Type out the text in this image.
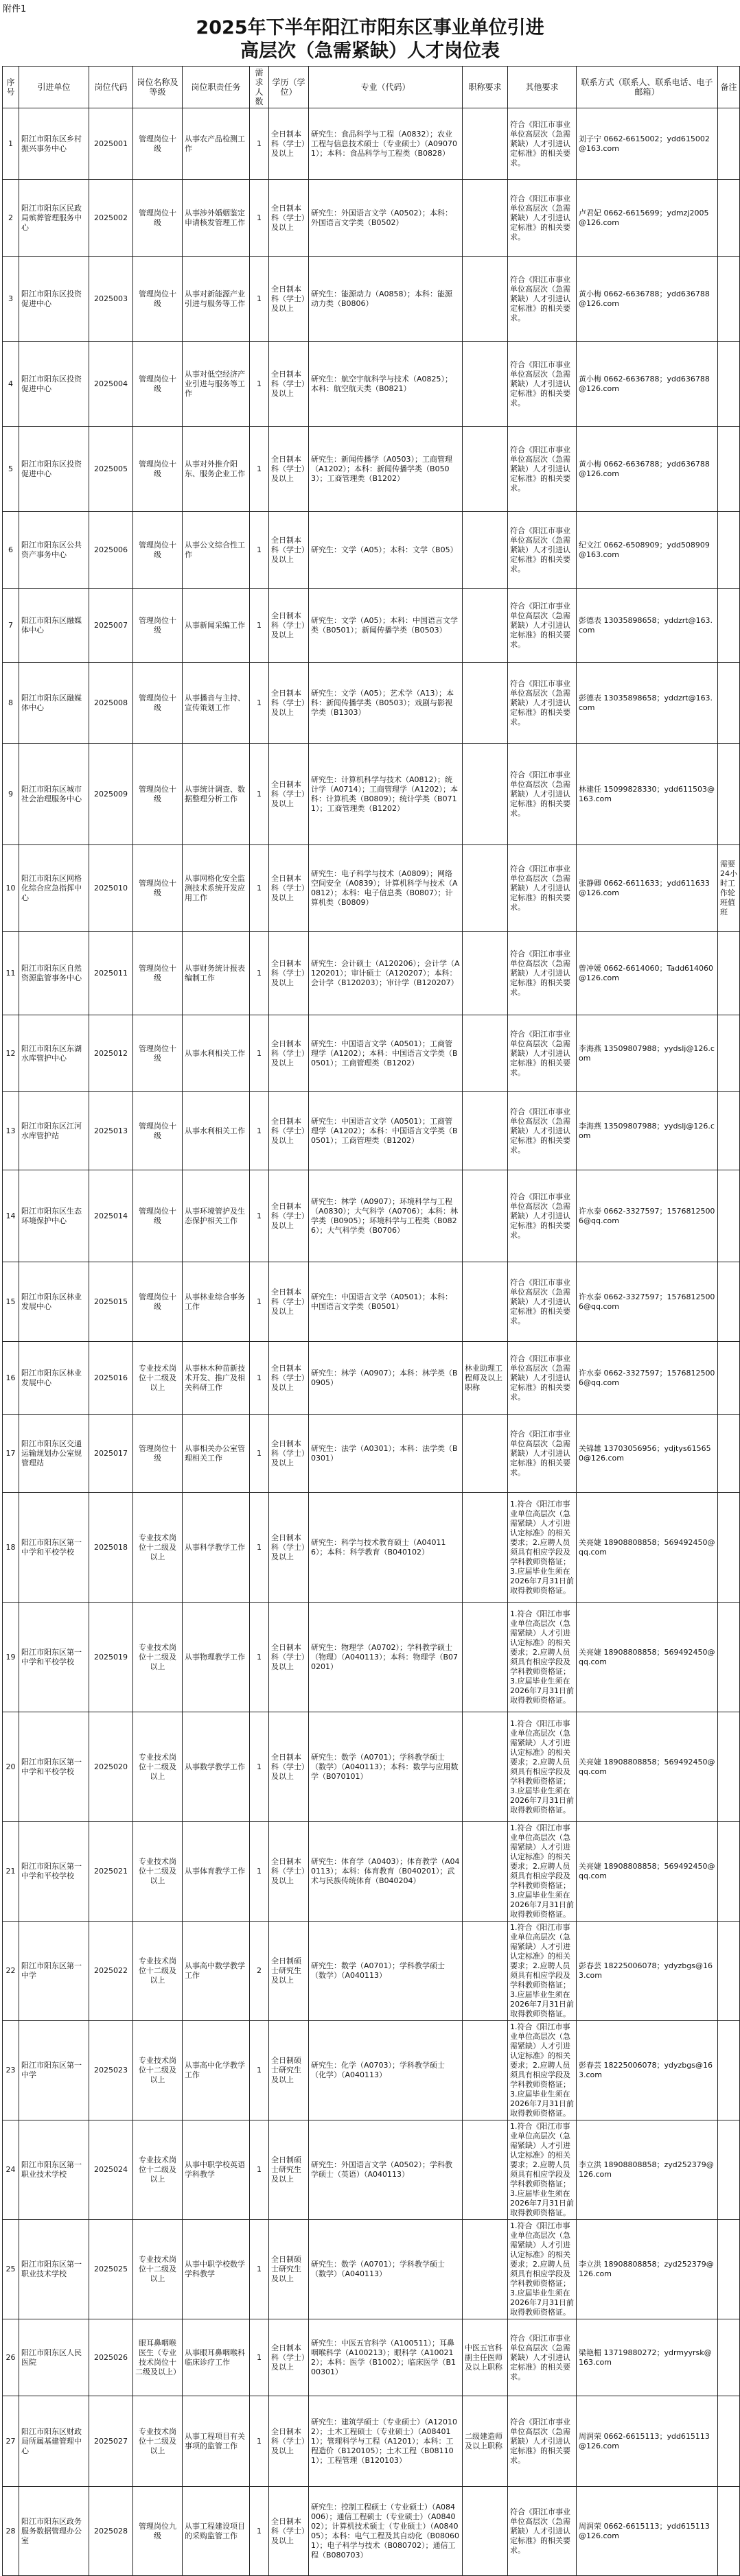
附件1
2025年下半年阳江市阳东区事业单位引进
高层次（急需紧缺）人才岗位表
序号	引进单位	岗位代码	岗位名称及等级	岗位职责任务	需求人数	学历（学位）	专业（代码）	职称要求	其他要求	联系方式（联系人、联系电话、电子邮箱）	备注
1	阳江市阳东区乡村振兴事务中心	2025001	管理岗位十级	从事农产品检测工作	1	全日制本科（学士）及以上	研究生：食品科学与工程（A0832）；农业工程与信息技术硕士（专业硕士）（A090701）；本科：食品科学与工程类（B0828）		符合《阳江市事业单位高层次（急需紧缺）人才引进认定标准》的相关要求。	刘子宁 0662-6615002；ydd615002@163.com	
2	阳江市阳东区民政局殡葬管理服务中心	2025002	管理岗位十级	从事涉外婚姻鉴定申请核发管理工作	1	全日制本科（学士）及以上	研究生：外国语言文学（A0502）；本科：外国语言文学类（B0502）		符合《阳江市事业单位高层次（急需紧缺）人才引进认定标准》的相关要求。	卢君妃 0662-6615699；ydmzj2005@126.com	
3	阳江市阳东区投资促进中心	2025003	管理岗位十级	从事对新能源产业引进与服务等工作	1	全日制本科（学士）及以上	研究生：能源动力（A0858）；本科：能源动力类（B0806）		符合《阳江市事业单位高层次（急需紧缺）人才引进认定标准》的相关要求。	黄小梅 0662-6636788；ydd636788@126.com	
4	阳江市阳东区投资促进中心	2025004	管理岗位十级	从事对低空经济产业引进与服务等工作	1	全日制本科（学士）及以上	研究生：航空宇航科学与技术（A0825）；本科：航空航天类（B0821）		符合《阳江市事业单位高层次（急需紧缺）人才引进认定标准》的相关要求。	黄小梅 0662-6636788；ydd636788@126.com	
5	阳江市阳东区投资促进中心	2025005	管理岗位十级	从事对外推介阳东、服务企业工作	1	全日制本科（学士）及以上	研究生：新闻传播学（A0503）；工商管理（A1202）；本科：新闻传播学类（B0503）；工商管理类（B1202）		符合《阳江市事业单位高层次（急需紧缺）人才引进认定标准》的相关要求。	黄小梅 0662-6636788；ydd636788@126.com	
6	阳江市阳东区公共资产事务中心	2025006	管理岗位十级	从事公文综合性工作	1	全日制本科（学士）及以上	研究生：文学（A05）；本科：文学（B05）		符合《阳江市事业单位高层次（急需紧缺）人才引进认定标准》的相关要求。	纪文江 0662-6508909；ydd508909@163.com	
7	阳江市阳东区融媒体中心	2025007	管理岗位十级	从事新闻采编工作	1	全日制本科（学士）及以上	研究生：文学（A05）；本科：中国语言文学类（B0501）；新闻传播学类（B0503）		符合《阳江市事业单位高层次（急需紧缺）人才引进认定标准》的相关要求。	彭德表 13035898658；yddzrt@163.com	
8	阳江市阳东区融媒体中心	2025008	管理岗位十级	从事播音与主持、宣传策划工作	1	全日制本科（学士）及以上	研究生：文学（A05）；艺术学（A13）；本科：新闻传播学类（B0503）；戏剧与影视学类（B1303）		符合《阳江市事业单位高层次（急需紧缺）人才引进认定标准》的相关要求。	彭德表 13035898658；yddzrt@163.com	
9	阳江市阳东区城市社会治理服务中心	2025009	管理岗位十级	从事统计调查、数据整理分析工作	1	全日制本科（学士）及以上	研究生：计算机科学与技术（A0812）；统计学（A0714）；工商管理学（A1202）；本科：计算机类（B0809）；统计学类（B0711）；工商管理类（B1202）		符合《阳江市事业单位高层次（急需紧缺）人才引进认定标准》的相关要求。	林建任 15099828330；ydd611503@163.com	
10	阳江市阳东区网格化综合应急指挥中心	2025010	管理岗位十级	从事网格化安全监测技术系统开发应用工作	1	全日制本科（学士）及以上	研究生：电子科学与技术（A0809）；网络空间安全（A0839）；计算机科学与技术（A0812）；本科：电子信息类（B0807）；计算机类（B0809）		符合《阳江市事业单位高层次（急需紧缺）人才引进认定标准》的相关要求。	张静卿 0662-6611633；ydd611633@126.com	需要24小时工作轮班值班
11	阳江市阳东区自然资源监管事务中心	2025011	管理岗位十级	从事财务统计报表编制工作	1	全日制本科（学士）及以上	研究生：会计硕士（A120206）；会计学（A120201）；审计硕士（A120207）；本科：会计学（B120203）；审计学（B120207）		符合《阳江市事业单位高层次（急需紧缺）人才引进认定标准》的相关要求。	曾冲媛 0662-6614060；Tadd614060@126.com	
12	阳江市阳东区东湖水库管护中心	2025012	管理岗位十级	从事水利相关工作	1	全日制本科（学士）及以上	研究生：中国语言文学（A0501）；工商管理学（A1202）；本科：中国语言文学类（B0501）；工商管理类（B1202）		符合《阳江市事业单位高层次（急需紧缺）人才引进认定标准》的相关要求。	李海燕 13509807988；yydslj@126.com	
13	阳江市阳东区江河水库管护站	2025013	管理岗位十级	从事水利相关工作	1	全日制本科（学士）及以上	研究生：中国语言文学（A0501）；工商管理学（A1202）；本科：中国语言文学类（B0501）；工商管理类（B1202）		符合《阳江市事业单位高层次（急需紧缺）人才引进认定标准》的相关要求。	李海燕 13509807988；yydslj@126.com	
14	阳江市阳东区生态环境保护中心	2025014	管理岗位十级	从事环境管护及生态保护相关工作	1	全日制本科（学士）及以上	研究生：林学（A0907）；环境科学与工程（A0830）；大气科学（A0706）；本科：林学类（B0905）；环境科学与工程类（B0826）；大气科学类（B0706）		符合《阳江市事业单位高层次（急需紧缺）人才引进认定标准》的相关要求。	许水泰 0662-3327597；15768125006@qq.com	
15	阳江市阳东区林业发展中心	2025015	管理岗位十级	从事林业综合事务工作	1	全日制本科（学士）及以上	研究生：中国语言文学（A0501）；本科：中国语言文学类（B0501）		符合《阳江市事业单位高层次（急需紧缺）人才引进认定标准》的相关要求。	许水泰 0662-3327597；15768125006@qq.com	
16	阳江市阳东区林业发展中心	2025016	专业技术岗位十二级及以上	从事林木种苗新技术开发、推广及相关科研工作	1	全日制本科（学士）及以上	研究生：林学（A0907）；本科：林学类（B0905）	林业助理工程师及以上职称	符合《阳江市事业单位高层次（急需紧缺）人才引进认定标准》的相关要求。	许水泰 0662-3327597；15768125006@qq.com	
17	阳江市阳东区交通运输规划办公室规管理站	2025017	管理岗位十级	从事相关办公室管理相关工作	1	全日制本科（学士）及以上	研究生：法学（A0301）；本科：法学类（B0301）		符合《阳江市事业单位高层次（急需紧缺）人才引进认定标准》的相关要求。	关锦雄 13703056956；ydjtys615650@126.com	
18	阳江市阳东区第一中学和平校学校	2025018	专业技术岗位十二级及以上	从事科学教学工作	1	全日制本科（学士）及以上	研究生：科学与技术教育硕士（A040116）；本科：科学教育（B040102）		1.符合《阳江市事业单位高层次（急需紧缺）人才引进认定标准》的相关要求；2.应聘人员须具有相应学段及学科教师资格证；3.应届毕业生须在2026年7月31日前取得教师资格证。	关亮婕 18908808858；569492450@qq.com	
19	阳江市阳东区第一中学和平校学校	2025019	专业技术岗位十二级及以上	从事物理教学工作	1	全日制本科（学士）及以上	研究生：物理学（A0702）；学科教学硕士（物理）（A040113）；本科：物理学（B070201）		1.符合《阳江市事业单位高层次（急需紧缺）人才引进认定标准》的相关要求；2.应聘人员须具有相应学段及学科教师资格证；3.应届毕业生须在2026年7月31日前取得教师资格证。	关亮婕 18908808858；569492450@qq.com	
20	阳江市阳东区第一中学和平校学校	2025020	专业技术岗位十二级及以上	从事数学教学工作	1	全日制本科（学士）及以上	研究生：数学（A0701）；学科教学硕士（数学）（A040113）；本科：数学与应用数学（B070101）		1.符合《阳江市事业单位高层次（急需紧缺）人才引进认定标准》的相关要求；2.应聘人员须具有相应学段及学科教师资格证；3.应届毕业生须在2026年7月31日前取得教师资格证。	关亮婕 18908808858；569492450@qq.com	
21	阳江市阳东区第一中学和平校学校	2025021	专业技术岗位十二级及以上	从事体育教学工作	1	全日制本科（学士）及以上	研究生：体育学（A0403）；体育教学（A040113）；本科：体育教育（B040201）；武术与民族传统体育（B040204）		1.符合《阳江市事业单位高层次（急需紧缺）人才引进认定标准》的相关要求；2.应聘人员须具有相应学段及学科教师资格证；3.应届毕业生须在2026年7月31日前取得教师资格证。	关亮婕 18908808858；569492450@qq.com	
22	阳江市阳东区第一中学	2025022	专业技术岗位十二级及以上	从事高中数学教学工作	2	全日制硕士研究生及以上	研究生：数学（A0701）；学科教学硕士（数学）（A040113）		1.符合《阳江市事业单位高层次（急需紧缺）人才引进认定标准》的相关要求；2.应聘人员须具有相应学段及学科教师资格证；3.应届毕业生须在2026年7月31日前取得教师资格证。	彭春芸 18225006078；ydyzbgs@163.com	
23	阳江市阳东区第一中学	2025023	专业技术岗位十二级及以上	从事高中化学教学工作	1	全日制硕士研究生及以上	研究生：化学（A0703）；学科教学硕士（化学）（A040113）		1.符合《阳江市事业单位高层次（急需紧缺）人才引进认定标准》的相关要求；2.应聘人员须具有相应学段及学科教师资格证；3.应届毕业生须在2026年7月31日前取得教师资格证。	彭春芸 18225006078；ydyzbgs@163.com	
24	阳江市阳东区第一职业技术学校	2025024	专业技术岗位十二级及以上	从事中职学校英语学科教学	1	全日制硕士研究生及以上	研究生：外国语言文学（A0502）；学科教学硕士（英语）（A040113）		1.符合《阳江市事业单位高层次（急需紧缺）人才引进认定标准》的相关要求；2.应聘人员须具有相应学段及学科教师资格证；3.应届毕业生须在2026年7月31日前取得教师资格证。	李立洪 18908808858；zyd252379@126.com	
25	阳江市阳东区第一职业技术学校	2025025	专业技术岗位十二级及以上	从事中职学校数学学科教学	1	全日制硕士研究生及以上	研究生：数学（A0701）；学科教学硕士（数学）（A040113）		1.符合《阳江市事业单位高层次（急需紧缺）人才引进认定标准》的相关要求；2.应聘人员须具有相应学段及学科教师资格证；3.应届毕业生须在2026年7月31日前取得教师资格证。	李立洪 18908808858；zyd252379@126.com	
26	阳江市阳东区人民医院	2025026	眼耳鼻咽喉医生（专业技术岗位十二级及以上）	从事眼耳鼻咽喉科临床诊疗工作	1	全日制本科（学士）及以上	研究生：中医五官科学（A100511）；耳鼻咽喉科学（A100213）；眼科学（A100212）；本科：医学（B1002）；临床医学（B100301）	中医五官科副主任医师及以上职称	符合《阳江市事业单位高层次（急需紧缺）人才引进认定标准》的相关要求。	梁艳楣 13719880272；ydrmyyrsk@163.com	
27	阳江市阳东区财政局所属基建管理中心	2025027	专业技术岗位十二级及以上	从事工程项目有关事项的监管工作	1	全日制本科（学士）及以上	研究生：建筑学硕士（专业硕士）（A120102）；土木工程硕士（专业硕士）（A084011）；管理科学与工程（A1201）；本科：工程造价（B120105）；土木工程（B081101）；工程管理（B120103）	二级建造师及以上职称	符合《阳江市事业单位高层次（急需紧缺）人才引进认定标准》的相关要求。	周润荣 0662-6615113；ydd615113@126.com	
28	阳江市阳东区政务服务数据管理办公室	2025028	管理岗位九级	从事工程建设项目的采购监管工作	1	全日制本科（学士）及以上	研究生：控制工程硕士（专业硕士）（A084006）；通信工程硕士（专业硕士）（A084002）；计算机技术硕士（专业硕士）（A084005）；本科：电气工程及其自动化（B080601）；电子科学与技术（B080702）；通信工程（B080703）		符合《阳江市事业单位高层次（急需紧缺）人才引进认定标准》的相关要求。	周润荣 0662-6615113；ydd615113@126.com	
